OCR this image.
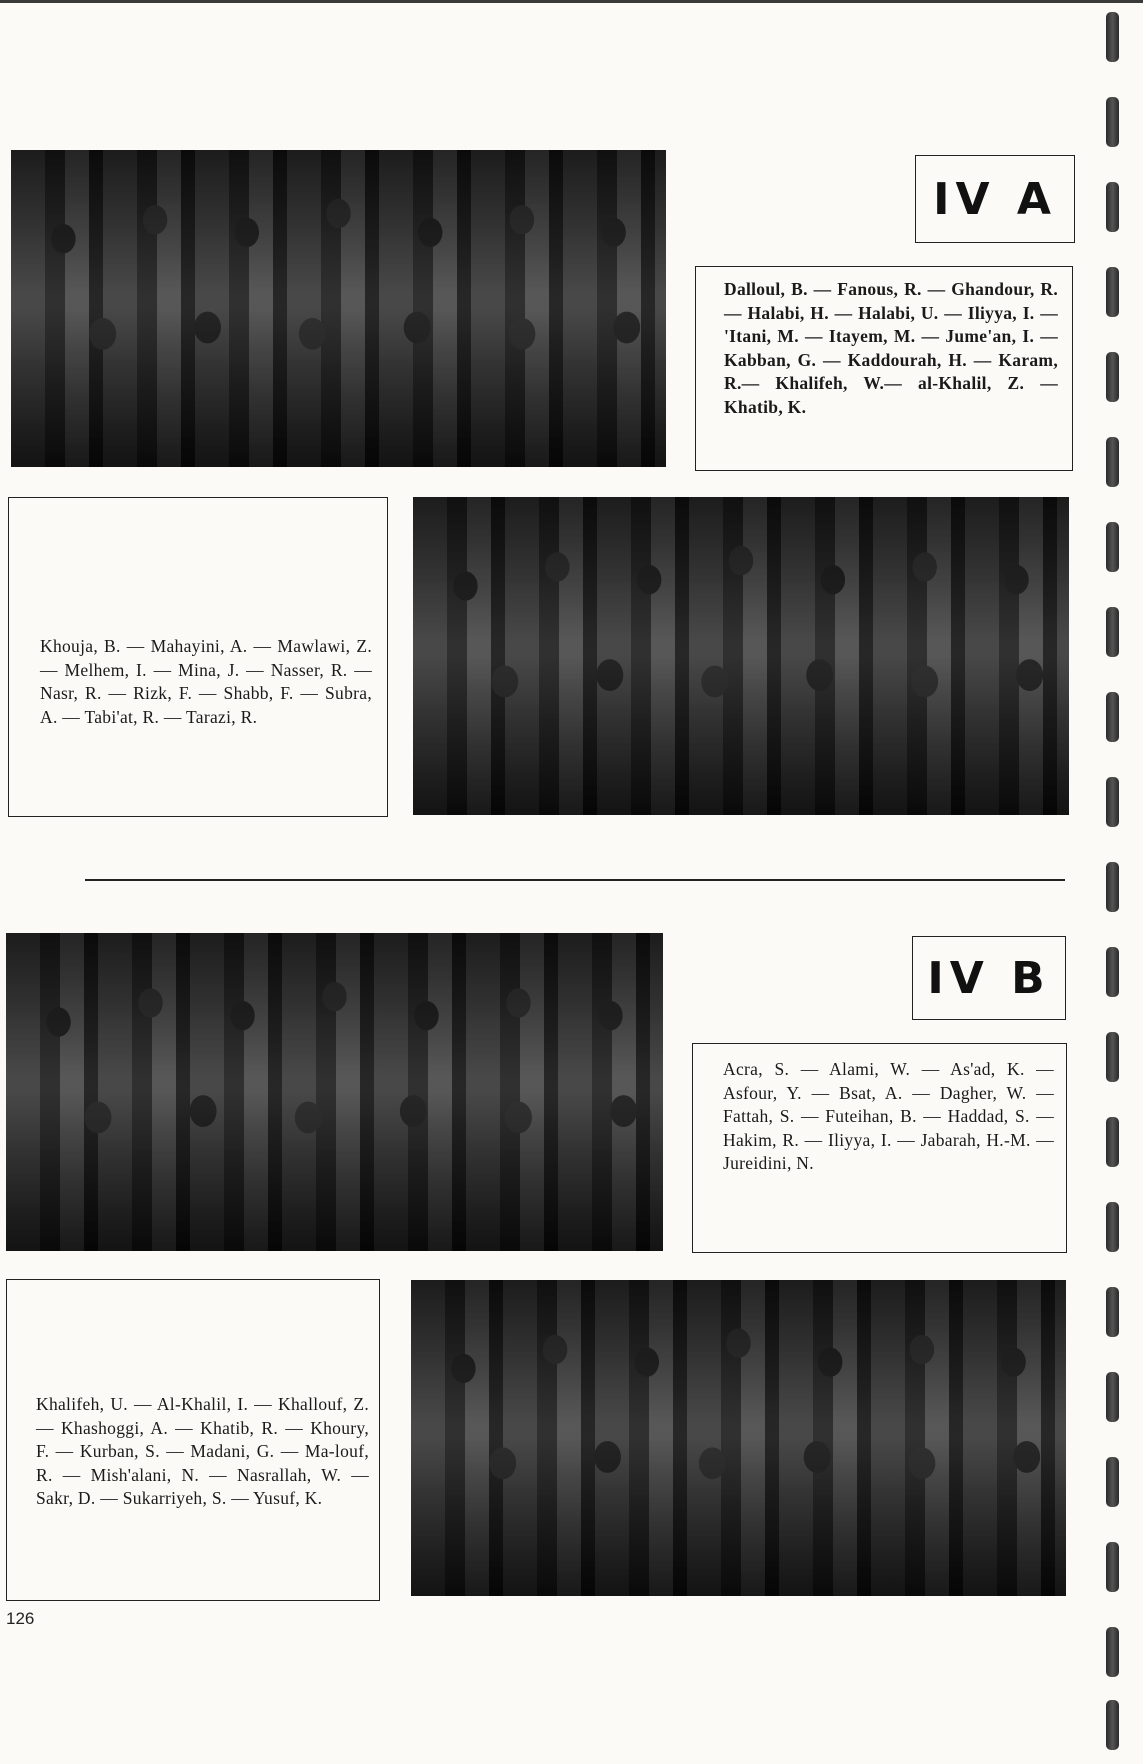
IV A

Dalloul, B. — Fanous, R. — Ghandour, R. — Halabi, H. — Halabi, U. — Iliyya, I. — 'Itani, M. — Itayem, M. — Jume'an, I. — Kabban, G. — Kaddourah, H. — Karam, R.— Khalifeh, W.— al-Khalil, Z. — Khatib, K.

Khouja, B. — Mahayini, A. — Mawlawi, Z. — Melhem, I. — Mina, J. — Nasser, R. — Nasr, R. — Rizk, F. — Shabb, F. — Subra, A. — Tabi'at, R. — Tarazi, R.

IV B

Acra, S. — Alami, W. — As'ad, K. — Asfour, Y. — Bsat, A. — Dagher, W. — Fattah, S. — Futeihan, B. — Haddad, S. — Hakim, R. — Iliyya, I. — Jabarah, H.-M. — Jureidini, N.

Khalifeh, U. — Al-Khalil, I. — Khallouf, Z. — Khashoggi, A. — Khatib, R. — Khoury, F. — Kurban, S. — Madani, G. — Ma-louf, R. — Mish'alani, N. — Nasrallah, W. — Sakr, D. — Sukarriyeh, S. — Yusuf, K.

126
